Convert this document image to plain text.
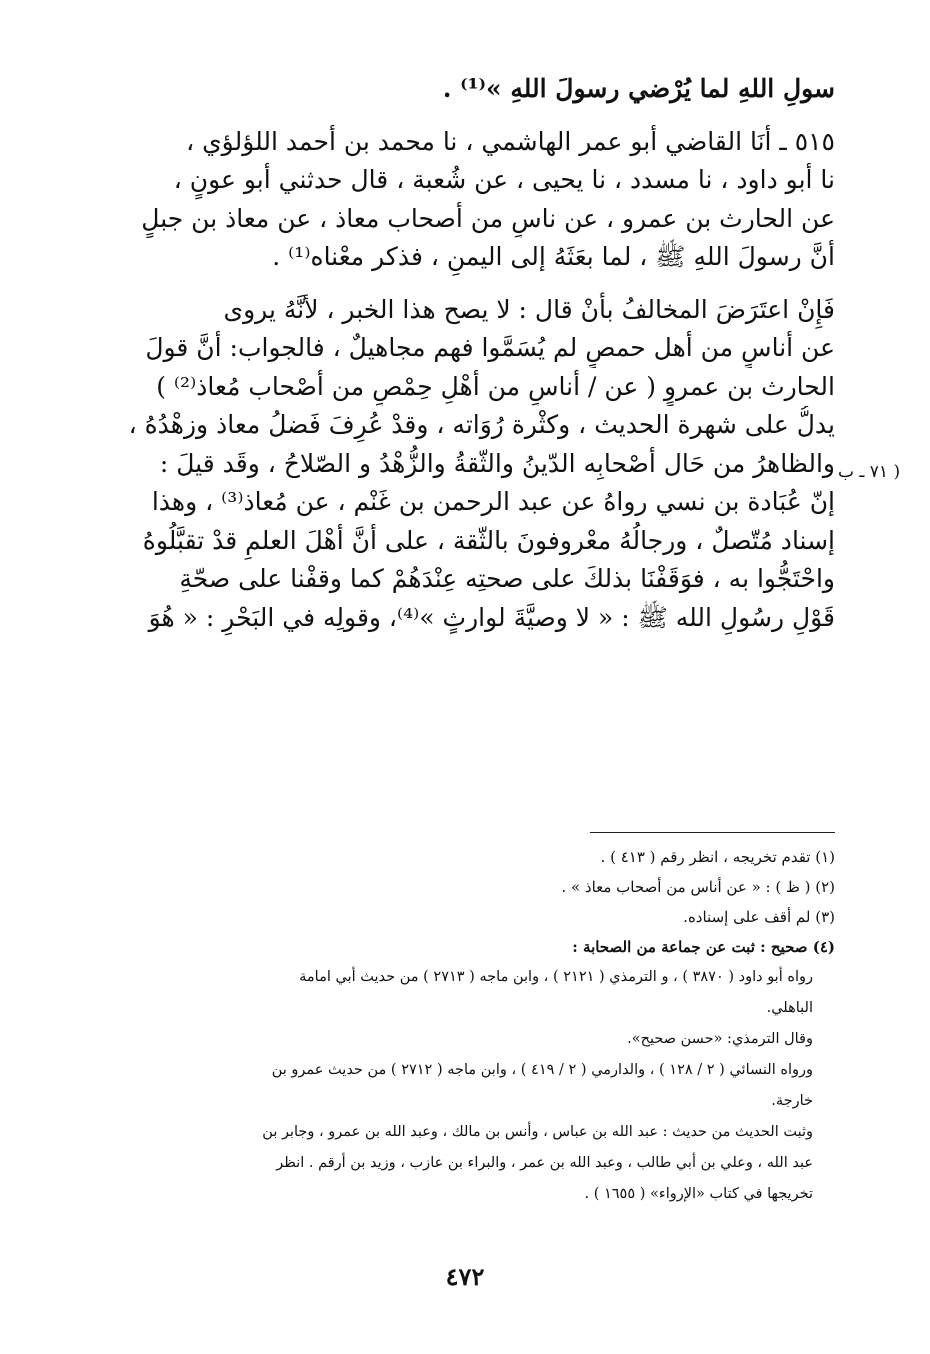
سولِ اللهِ لما يُرْضي رسولَ اللهِ »⁽¹⁾ .
٥١٥ ـ أنَا القاضي أبو عمر الهاشمي ، نا محمد بن أحمد اللؤلؤي ،
نا أبو داود ، نا مسدد ، نا يحيى ، عن شُعبة ، قال حدثني أبو عونٍ ،
عن الحارث بن عمرو ، عن ناسٍ من أصحاب معاذ ، عن معاذ بن جبلٍ
أنَّ رسولَ اللهِ ﷺ ، لما بعَثَهُ إلى اليمنِ ، فذكر معْناه⁽¹⁾ .
فَإِنْ اعتَرَضَ المخالفُ بأَنْ قال : لا يصح هذا الخبر ، لأنَّهُ يروى
عن أناسٍ من أهل حمصٍ لم يُسَمَّوا فهم مجاهيلٌ ، فالجواب: أنَّ قولَ
الحارث بن عمروٍ ( عن / أناسٍ من أهْلِ حِمْصٍ من أصْحاب مُعاذ⁽²⁾ )
يدلُّ على شهرة الحديث ، وكثْرة رُوَاته ، وقدْ عُرِفَ فَضلُ معاذ وزهْدُهُ ،
والظاهرُ من حَال أصْحابِه الدّينُ والثّقةُ والزُّهْدُ و الصّلاحُ ، وقَد قيلَ :
إنّ عُبَادة بن نسي رواهُ عن عبد الرحمن بن غَنْم ، عن مُعاذ⁽³⁾ ، وهذا
إسناد مُتّصلٌ ، ورجالُهُ معْروفونَ بالثّقة ، على أنَّ أهْلَ العلمِ قدْ تقبَّلُوهُ
واحْتَجُّوا به ، فوَقَفْنَا بذلكَ على صحتِه عِنْدَهُمْ كما وقفْنا على صحّةِ
قَوْلِ رسُولِ الله ﷺ : « لا وصيَّةَ لوارثٍ »⁽⁴⁾، وقولِه في البَحْرِ : « هُوَ
( ٧١ ـ ب
(١) تقدم تخريجه ، انظر رقم ( ٤١٣ ) .
(٢) ( ظ ) : « عن أناس من أصحاب معاذ » .
(٣) لم أقف على إسناده.
(٤) صحيح : ثبت عن جماعة من الصحابة :
رواه أبو داود ( ٣٨٧٠ ) ، و الترمذي ( ٢١٢١ ) ، وابن ماجه ( ٢٧١٣ ) من حديث أبي امامة
الباهلي.
وقال الترمذي: «حسن صحيح».
ورواه النسائي ( ٢ / ١٢٨ ) ، والدارمي ( ٢ / ٤١٩ ) ، وابن ماجه ( ٢٧١٢ ) من حديث عمرو بن
خارجة.
وثبت الحديث من حديث : عبد الله بن عباس ، وأنس بن مالك ، وعبد الله بن عمرو ، وجابر بن
عبد الله ، وعلي بن أبي طالب ، وعبد الله بن عمر ، والبراء بن عازب ، وزيد بن أرقم . انظر
تخريجها في كتاب «الإرواء» ( ١٦٥٥ ) .
٤٧٢
